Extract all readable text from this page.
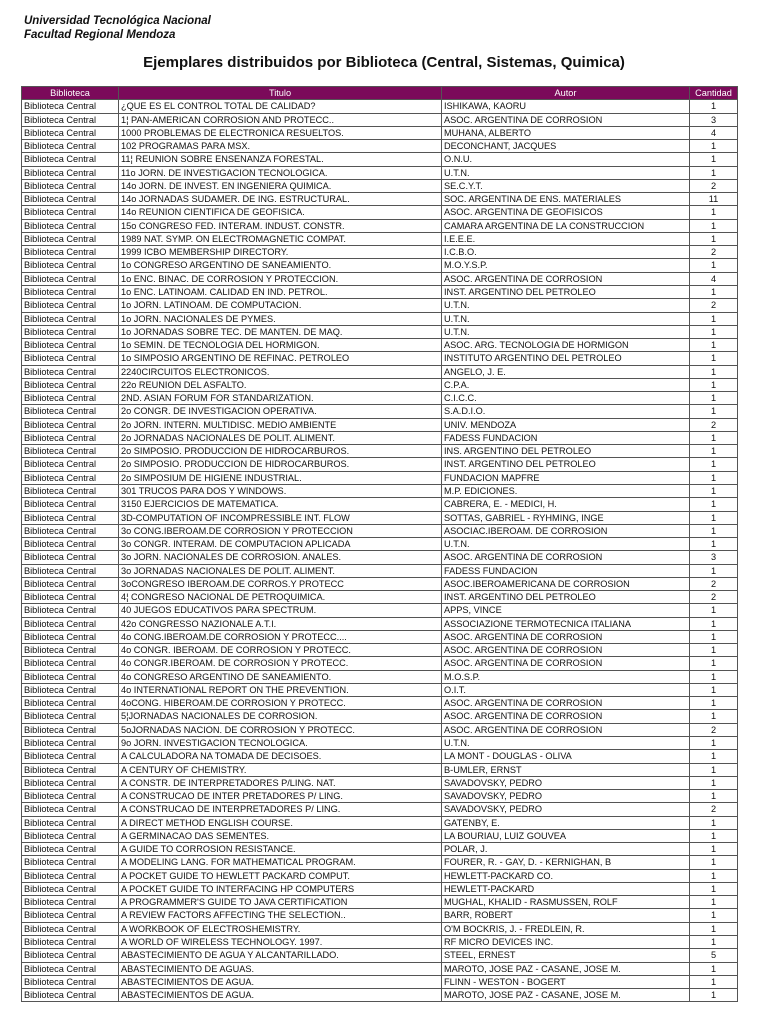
Universidad Tecnológica Nacional
Facultad Regional Mendoza
Ejemplares distribuidos por Biblioteca (Central, Sistemas, Quimica)
Biblioteca	Titulo	Autor	Cantidad
Biblioteca Central	¿QUE ES EL CONTROL TOTAL DE CALIDAD?	ISHIKAWA, KAORU	1
Biblioteca Central	1¦ PAN-AMERICAN CORROSION AND PROTECC..	ASOC. ARGENTINA DE CORROSION	3
Biblioteca Central	1000 PROBLEMAS DE ELECTRONICA RESUELTOS.	MUHANA, ALBERTO	4
Biblioteca Central	102 PROGRAMAS PARA MSX.	DECONCHANT, JACQUES	1
Biblioteca Central	11¦ REUNION SOBRE ENSENANZA FORESTAL.	O.N.U.	1
Biblioteca Central	11o JORN. DE INVESTIGACION TECNOLOGICA.	U.T.N.	1
Biblioteca Central	14o JORN. DE INVEST. EN INGENIERA QUIMICA.	SE.C.Y.T.	2
Biblioteca Central	14o JORNADAS SUDAMER. DE ING. ESTRUCTURAL.	SOC. ARGENTINA DE ENS. MATERIALES	11
Biblioteca Central	14o REUNION CIENTIFICA DE GEOFISICA.	ASOC. ARGENTINA DE GEOFISICOS	1
Biblioteca Central	15o CONGRESO FED. INTERAM. INDUST. CONSTR.	CAMARA ARGENTINA DE LA CONSTRUCCION	1
Biblioteca Central	1989 NAT. SYMP. ON ELECTROMAGNETIC COMPAT.	I.E.E.E.	1
Biblioteca Central	1999 ICBO MEMBERSHIP DIRECTORY.	I.C.B.O.	2
Biblioteca Central	1o CONGRESO ARGENTINO DE SANEAMIENTO.	M.O.Y.S.P.	1
Biblioteca Central	1o ENC. BINAC. DE CORROSION Y PROTECCION.	ASOC. ARGENTINA DE CORROSION	4
Biblioteca Central	1o ENC. LATINOAM. CALIDAD EN IND. PETROL.	INST. ARGENTINO DEL PETROLEO	1
Biblioteca Central	1o JORN. LATINOAM. DE COMPUTACION.	U.T.N.	2
Biblioteca Central	1o JORN. NACIONALES DE PYMES.	U.T.N.	1
Biblioteca Central	1o JORNADAS SOBRE TEC. DE MANTEN. DE MAQ.	U.T.N.	1
Biblioteca Central	1o SEMIN. DE TECNOLOGIA DEL HORMIGON.	ASOC. ARG. TECNOLOGIA DE HORMIGON	1
Biblioteca Central	1o SIMPOSIO ARGENTINO DE REFINAC. PETROLEO	INSTITUTO ARGENTINO DEL PETROLEO	1
Biblioteca Central	2240CIRCUITOS ELECTRONICOS.	ANGELO, J. E.	1
Biblioteca Central	22o REUNION DEL ASFALTO.	C.P.A.	1
Biblioteca Central	2ND. ASIAN FORUM FOR STANDARIZATION.	C.I.C.C.	1
Biblioteca Central	2o CONGR. DE INVESTIGACION OPERATIVA.	S.A.D.I.O.	1
Biblioteca Central	2o JORN. INTERN. MULTIDISC. MEDIO AMBIENTE	UNIV. MENDOZA	2
Biblioteca Central	2o JORNADAS NACIONALES DE POLIT. ALIMENT.	FADESS FUNDACION	1
Biblioteca Central	2o SIMPOSIO. PRODUCCION DE HIDROCARBUROS.	INS. ARGENTINO DEL PETROLEO	1
Biblioteca Central	2o SIMPOSIO. PRODUCCION DE HIDROCARBUROS.	INST. ARGENTINO DEL PETROLEO	1
Biblioteca Central	2o SIMPOSIUM DE HIGIENE INDUSTRIAL.	FUNDACION MAPFRE	1
Biblioteca Central	301 TRUCOS PARA DOS Y WINDOWS.	M.P. EDICIONES.	1
Biblioteca Central	3150 EJERCICIOS DE MATEMATICA.	CABRERA, E. - MEDICI, H.	1
Biblioteca Central	3D-COMPUTATION OF INCOMPRESSIBLE INT. FLOW	SOTTAS, GABRIEL - RYHMING, INGE	1
Biblioteca Central	3o CONG.IBEROAM.DE CORROSION Y PROTECCION	ASOCIAC.IBEROAM. DE CORROSION	1
Biblioteca Central	3o CONGR. INTERAM. DE COMPUTACION APLICADA	U.T.N.	1
Biblioteca Central	3o JORN. NACIONALES DE CORROSION. ANALES.	ASOC. ARGENTINA DE CORROSION	3
Biblioteca Central	3o JORNADAS NACIONALES DE POLIT. ALIMENT.	FADESS FUNDACION	1
Biblioteca Central	3oCONGRESO IBEROAM.DE CORROS.Y PROTECC	ASOC.IBEROAMERICANA DE CORROSION	2
Biblioteca Central	4¦ CONGRESO NACIONAL DE PETROQUIMICA.	INST. ARGENTINO DEL PETROLEO	2
Biblioteca Central	40 JUEGOS EDUCATIVOS PARA SPECTRUM.	APPS, VINCE	1
Biblioteca Central	42o CONGRESSO NAZIONALE A.T.I.	ASSOCIAZIONE TERMOTECNICA ITALIANA	1
Biblioteca Central	4o CONG.IBEROAM.DE CORROSION Y PROTECC....	ASOC. ARGENTINA DE CORROSION	1
Biblioteca Central	4o CONGR. IBEROAM. DE CORROSION Y PROTECC.	ASOC. ARGENTINA DE CORROSION	1
Biblioteca Central	4o CONGR.IBEROAM. DE CORROSION Y PROTECC.	ASOC. ARGENTINA DE CORROSION	1
Biblioteca Central	4o CONGRESO ARGENTINO DE SANEAMIENTO.	M.O.S.P.	1
Biblioteca Central	4o INTERNATIONAL REPORT ON THE PREVENTION.	O.I.T.	1
Biblioteca Central	4oCONG. HIBEROAM.DE CORROSION Y PROTECC.	ASOC. ARGENTINA DE CORROSION	1
Biblioteca Central	5¦JORNADAS NACIONALES DE CORROSION.	ASOC. ARGENTINA DE CORROSION	1
Biblioteca Central	5oJORNADAS NACION. DE CORROSION Y PROTECC.	ASOC. ARGENTINA DE CORROSION	2
Biblioteca Central	9o JORN. INVESTIGACION TECNOLOGICA.	U.T.N.	1
Biblioteca Central	A CALCULADORA NA TOMADA DE DECISOES.	LA MONT - DOUGLAS - OLIVA	1
Biblioteca Central	A CENTURY OF CHEMISTRY.	B-UMLER, ERNST	1
Biblioteca Central	A CONSTR. DE INTERPRETADORES P/LING. NAT.	SAVADOVSKY, PEDRO	1
Biblioteca Central	A CONSTRUCAO DE INTER PRETADORES P/ LING.	SAVADOVSKY, PEDRO	1
Biblioteca Central	A CONSTRUCAO DE INTERPRETADORES P/ LING.	SAVADOVSKY, PEDRO	2
Biblioteca Central	A DIRECT METHOD ENGLISH COURSE.	GATENBY, E.	1
Biblioteca Central	A GERMINACAO DAS SEMENTES.	LA BOURIAU, LUIZ GOUVEA	1
Biblioteca Central	A GUIDE TO CORROSION RESISTANCE.	POLAR, J.	1
Biblioteca Central	A MODELING LANG. FOR MATHEMATICAL PROGRAM.	FOURER, R. - GAY, D. - KERNIGHAN, B	1
Biblioteca Central	A POCKET GUIDE TO HEWLETT PACKARD COMPUT.	HEWLETT-PACKARD CO.	1
Biblioteca Central	A POCKET GUIDE TO INTERFACING HP COMPUTERS	HEWLETT-PACKARD	1
Biblioteca Central	A PROGRAMMER'S GUIDE TO JAVA CERTIFICATION	MUGHAL, KHALID - RASMUSSEN, ROLF	1
Biblioteca Central	A REVIEW FACTORS AFFECTING THE SELECTION..	BARR, ROBERT	1
Biblioteca Central	A WORKBOOK OF ELECTROSHEMISTRY.	O'M BOCKRIS, J. - FREDLEIN, R.	1
Biblioteca Central	A WORLD OF WIRELESS TECHNOLOGY. 1997.	RF MICRO DEVICES INC.	1
Biblioteca Central	ABASTECIMIENTO DE AGUA Y ALCANTARILLADO.	STEEL, ERNEST	5
Biblioteca Central	ABASTECIMIENTO DE AGUAS.	MAROTO, JOSE PAZ - CASANE, JOSE M.	1
Biblioteca Central	ABASTECIMIENTOS DE AGUA.	FLINN - WESTON - BOGERT	1
Biblioteca Central	ABASTECIMIENTOS DE AGUA.	MAROTO, JOSE PAZ - CASANE, JOSE M.	1
